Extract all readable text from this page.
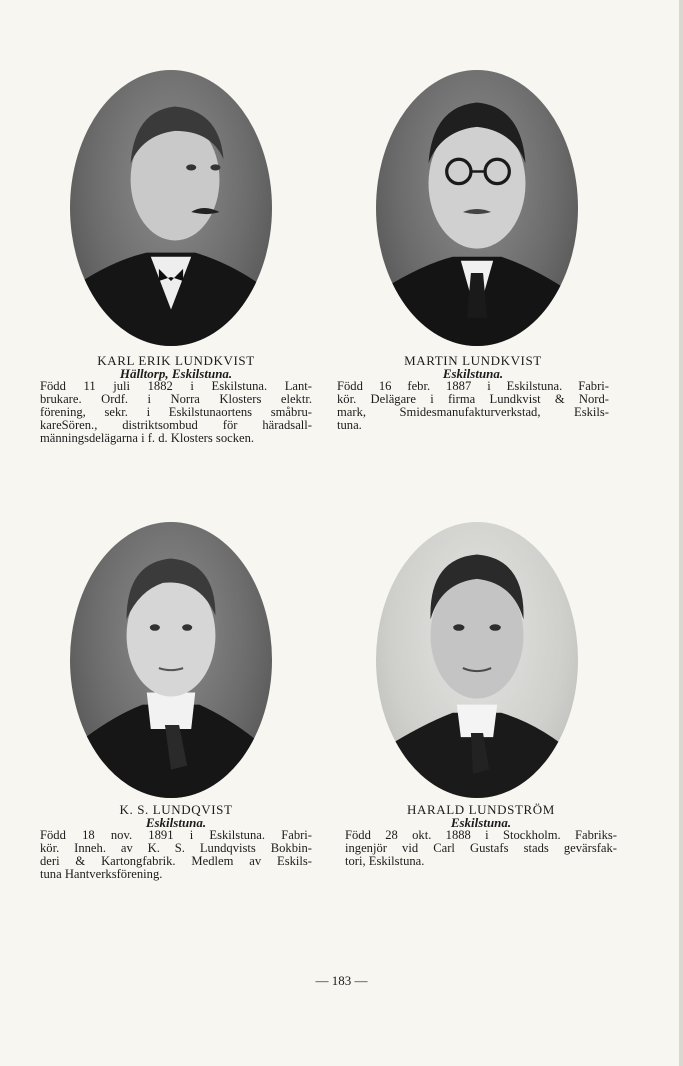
KARL ERIK LUNDKVIST

Hälltorp, Eskilstuna.

Född 11 juli 1882 i Eskilstuna. Lant-
brukare. Ordf. i Norra Klosters elektr.
förening, sekr. i Eskilstunaortens småbru-
kareSören., distriktsombud för häradsall-
männingsdelägarna i f. d. Klosters socken.

MARTIN LUNDKVIST

Eskilstuna.

Född 16 febr. 1887 i Eskilstuna. Fabri-
kör. Delägare i firma Lundkvist & Nord-
mark, Smidesmanufakturverkstad, Eskils-
tuna.

K. S. LUNDQVIST

Eskilstuna.

Född 18 nov. 1891 i Eskilstuna. Fabri-
kör. Inneh. av K. S. Lundqvists Bokbin-
deri & Kartongfabrik. Medlem av Eskils-
tuna Hantverksförening.

HARALD LUNDSTRÖM

Eskilstuna.

Född 28 okt. 1888 i Stockholm. Fabriks-
ingenjör vid Carl Gustafs stads gevärsfak-
tori, Eskilstuna.

— 183 —
